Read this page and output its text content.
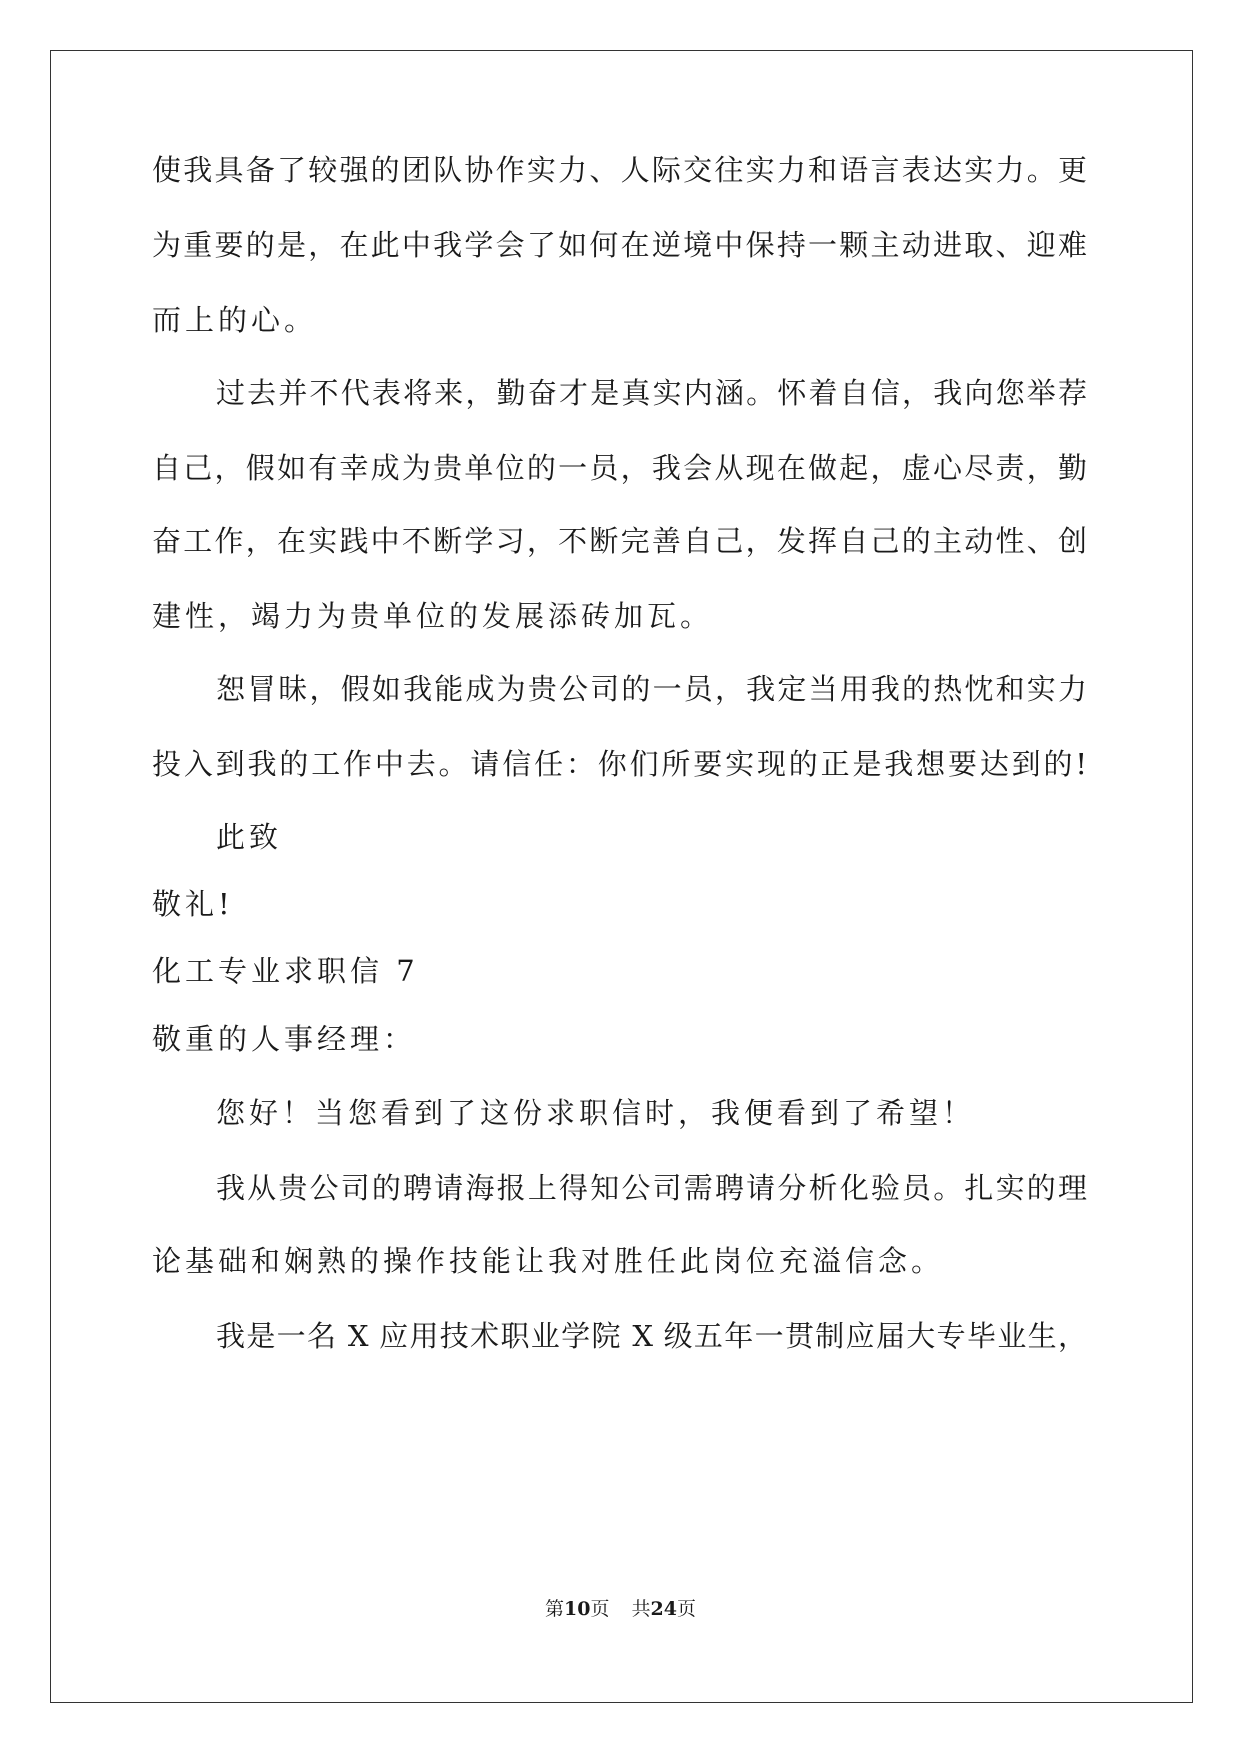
使我具备了较强的团队协作实力、人际交往实力和语言表达实力。更
为重要的是，在此中我学会了如何在逆境中保持一颗主动进取、迎难
而上的心。
过去并不代表将来，勤奋才是真实内涵。怀着自信，我向您举荐
自己，假如有幸成为贵单位的一员，我会从现在做起，虚心尽责，勤
奋工作，在实践中不断学习，不断完善自己，发挥自己的主动性、创
建性，竭力为贵单位的发展添砖加瓦。
恕冒昧，假如我能成为贵公司的一员，我定当用我的热忱和实力
投入到我的工作中去。请信任：你们所要实现的正是我想要达到的!
此致
敬礼!
化工专业求职信 7
敬重的人事经理：
您好！当您看到了这份求职信时，我便看到了希望！
我从贵公司的聘请海报上得知公司需聘请分析化验员。扎实的理
论基础和娴熟的操作技能让我对胜任此岗位充溢信念。
我是一名 X 应用技术职业学院 X 级五年一贯制应届大专毕业生，
第10页 共24页
